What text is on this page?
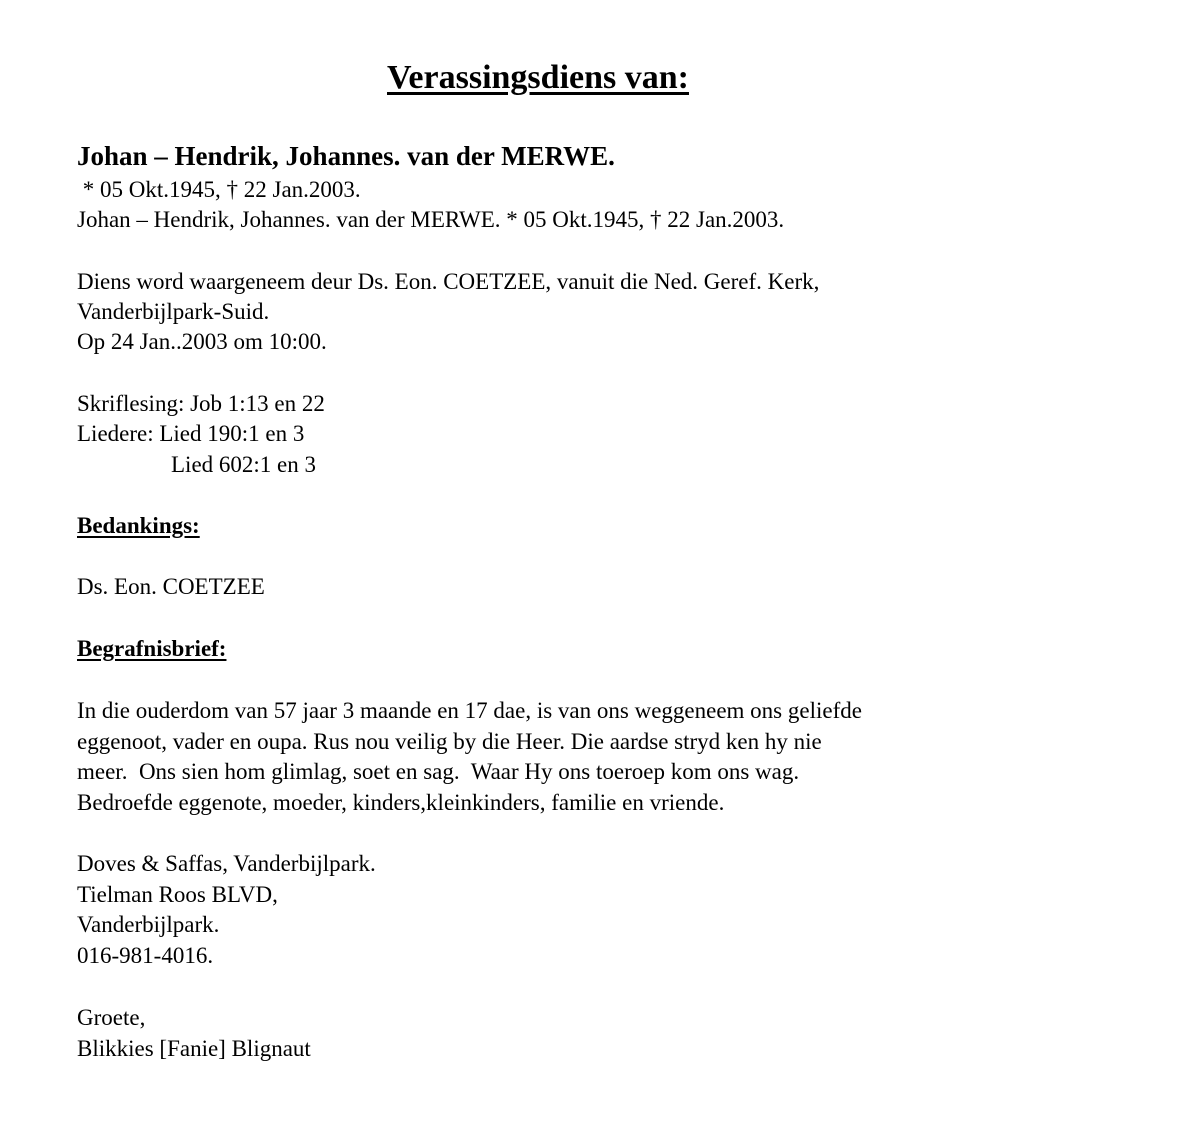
Verassingsdiens van:
Johan – Hendrik, Johannes. van der MERWE.
* 05 Okt.1945, † 22 Jan.2003.
Johan – Hendrik, Johannes. van der MERWE. * 05 Okt.1945, † 22 Jan.2003.
Diens word waargeneem deur Ds. Eon. COETZEE, vanuit die Ned. Geref. Kerk,
Vanderbijlpark-Suid.
Op 24 Jan..2003 om 10:00.
Skriflesing: Job 1:13 en 22
Liedere: Lied 190:1 en 3
Lied 602:1 en 3
Bedankings:
Ds. Eon. COETZEE
Begrafnisbrief:
In die ouderdom van 57 jaar 3 maande en 17 dae, is van ons weggeneem ons geliefde
eggenoot, vader en oupa. Rus nou veilig by die Heer. Die aardse stryd ken hy nie
meer.  Ons sien hom glimlag, soet en sag.  Waar Hy ons toeroep kom ons wag.
Bedroefde eggenote, moeder, kinders,kleinkinders, familie en vriende.
Doves & Saffas, Vanderbijlpark.
Tielman Roos BLVD,
Vanderbijlpark.
016-981-4016.
Groete,
Blikkies [Fanie] Blignaut
